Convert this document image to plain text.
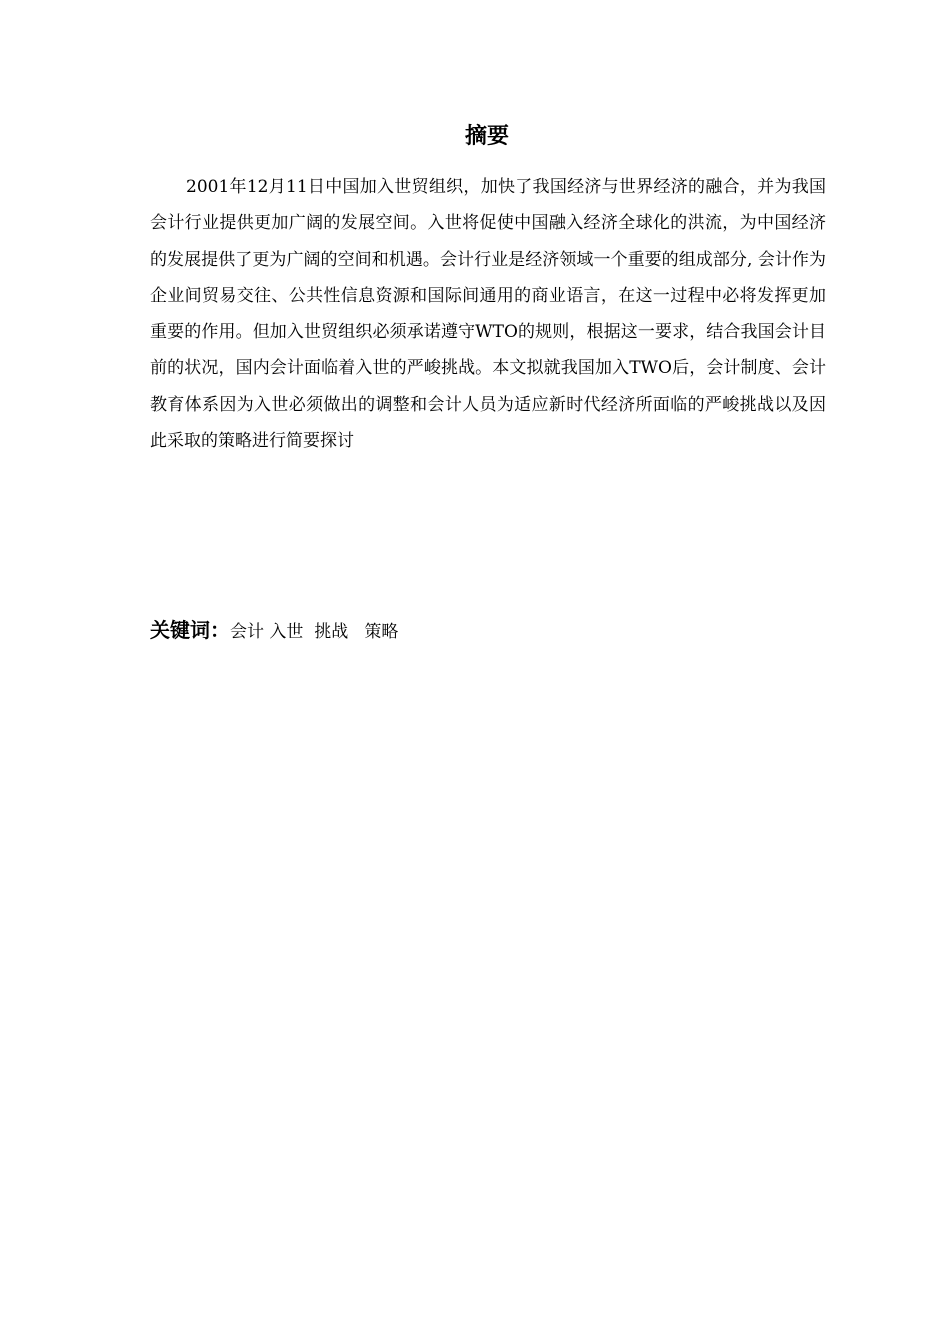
摘要

2001年12月11日中国加入世贸组织，加快了我国经济与世界经济的融合，并为我国会计行业提供更加广阔的发展空间。入世将促使中国融入经济全球化的洪流，为中国经济的发展提供了更为广阔的空间和机遇。会计行业是经济领域一个重要的组成部分, 会计作为企业间贸易交往、公共性信息资源和国际间通用的商业语言，在这一过程中必将发挥更加重要的作用。但加入世贸组织必须承诺遵守WTO的规则，根据这一要求，结合我国会计目前的状况，国内会计面临着入世的严峻挑战。本文拟就我国加入TWO后，会计制度、会计教育体系因为入世必须做出的调整和会计人员为适应新时代经济所面临的严峻挑战以及因此采取的策略进行简要探讨

关键词：会计 入世  挑战   策略
